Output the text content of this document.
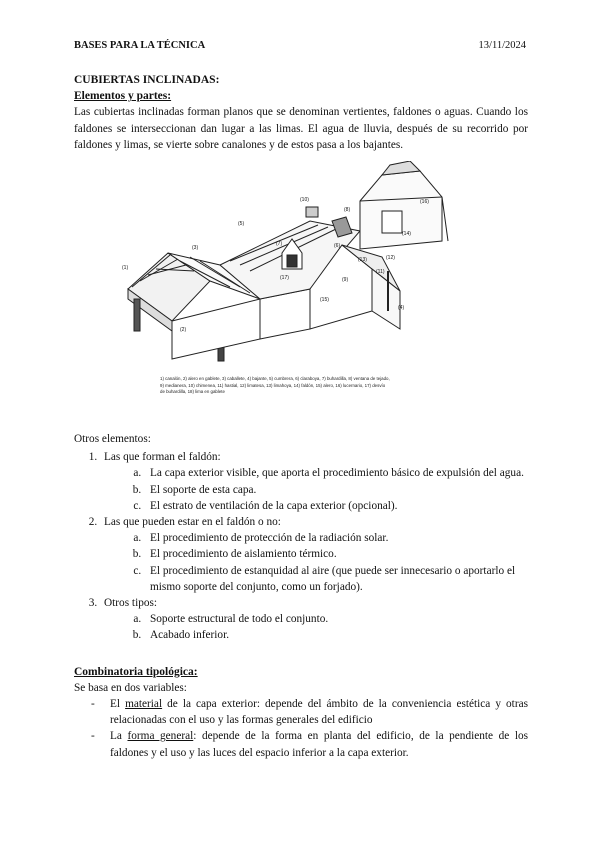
BASES PARA LA TÉCNICA	13/11/2024
CUBIERTAS INCLINADAS:
Elementos y partes:

Las cubiertas inclinadas forman planos que se denominan vertientes, faldones o aguas. Cuando los faldones se interseccionan dan lugar a las limas. El agua de lluvia, después de su recorrido por faldones y limas, se vierte sobre canalones y de estos pasa a los bajantes.

(1)
(2)
(3)
(4)
(5)
(6)
(7)
(8)
(9)
(10)
(11)
(12)
(13)
(14)
(15)
(16)
(17)
1) canalón, 2) alero en gablete, 3) caballete, 4) bajante, 5) cumbrera, 6) claraboya, 7) buhardilla, 8) ventana de tejado,
9) medianera, 10) chimenea, 11) hastial, 12) limatesa, 13) limahoya, 14) faldón, 15) alero, 16) lucernario, 17) desvío
de buhardilla, 18) lima en gablete
Otros elementos:
1. Las que forman el faldón:
a. La capa exterior visible, que aporta el procedimiento básico de expulsión del agua.
b. El soporte de esta capa.
c. El estrato de ventilación de la capa exterior (opcional).
2. Las que pueden estar en el faldón o no:
a. El procedimiento de protección de la radiación solar.
b. El procedimiento de aislamiento térmico.
c. El procedimiento de estanquidad al aire (que puede ser innecesario o aportarlo el mismo soporte del conjunto, como un forjado).
3. Otros tipos:
a. Soporte estructural de todo el conjunto.
b. Acabado inferior.
Combinatoria tipológica:
Se basa en dos variables:
- El material de la capa exterior: depende del ámbito de la conveniencia estética y otras relacionadas con el uso y las formas generales del edificio
- La forma general: depende de la forma en planta del edificio, de la pendiente de los faldones y el uso y las luces del espacio inferior a la capa exterior.
